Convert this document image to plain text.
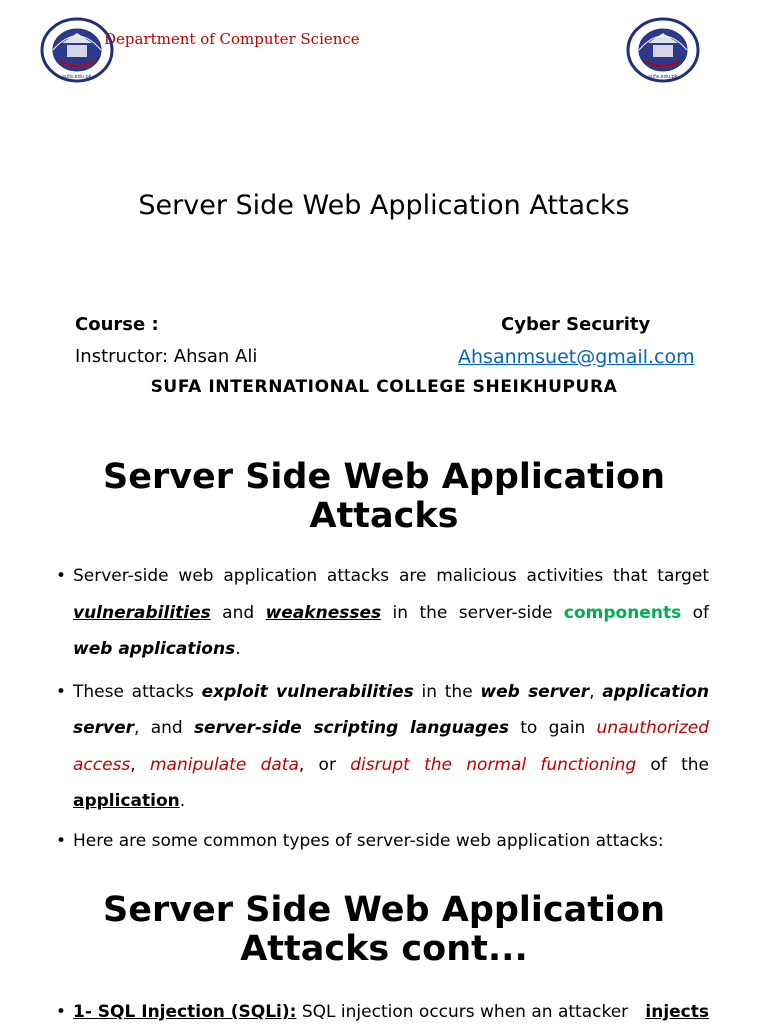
sufa.edu.pk	sufa.edu.pk
Department of Computer Science
Server Side Web Application Attacks
Course :	Cyber Security
Instructor: Ahsan Ali	Ahsanmsuet@gmail.com
SUFA INTERNATIONAL COLLEGE SHEIKHUPURA
Server Side Web Application
Attacks
• Server-side web application attacks are malicious activities that target vulnerabilities and weaknesses in the server-side components of web applications.
• These attacks exploit vulnerabilities in the web server, application server, and server-side scripting languages to gain unauthorized access, manipulate data, or disrupt the normal functioning of the application.
• Here are some common types of server-side web application attacks:
Server Side Web Application
Attacks cont...
• 1- SQL Injection (SQLi): SQL injection occurs when an attacker injects
